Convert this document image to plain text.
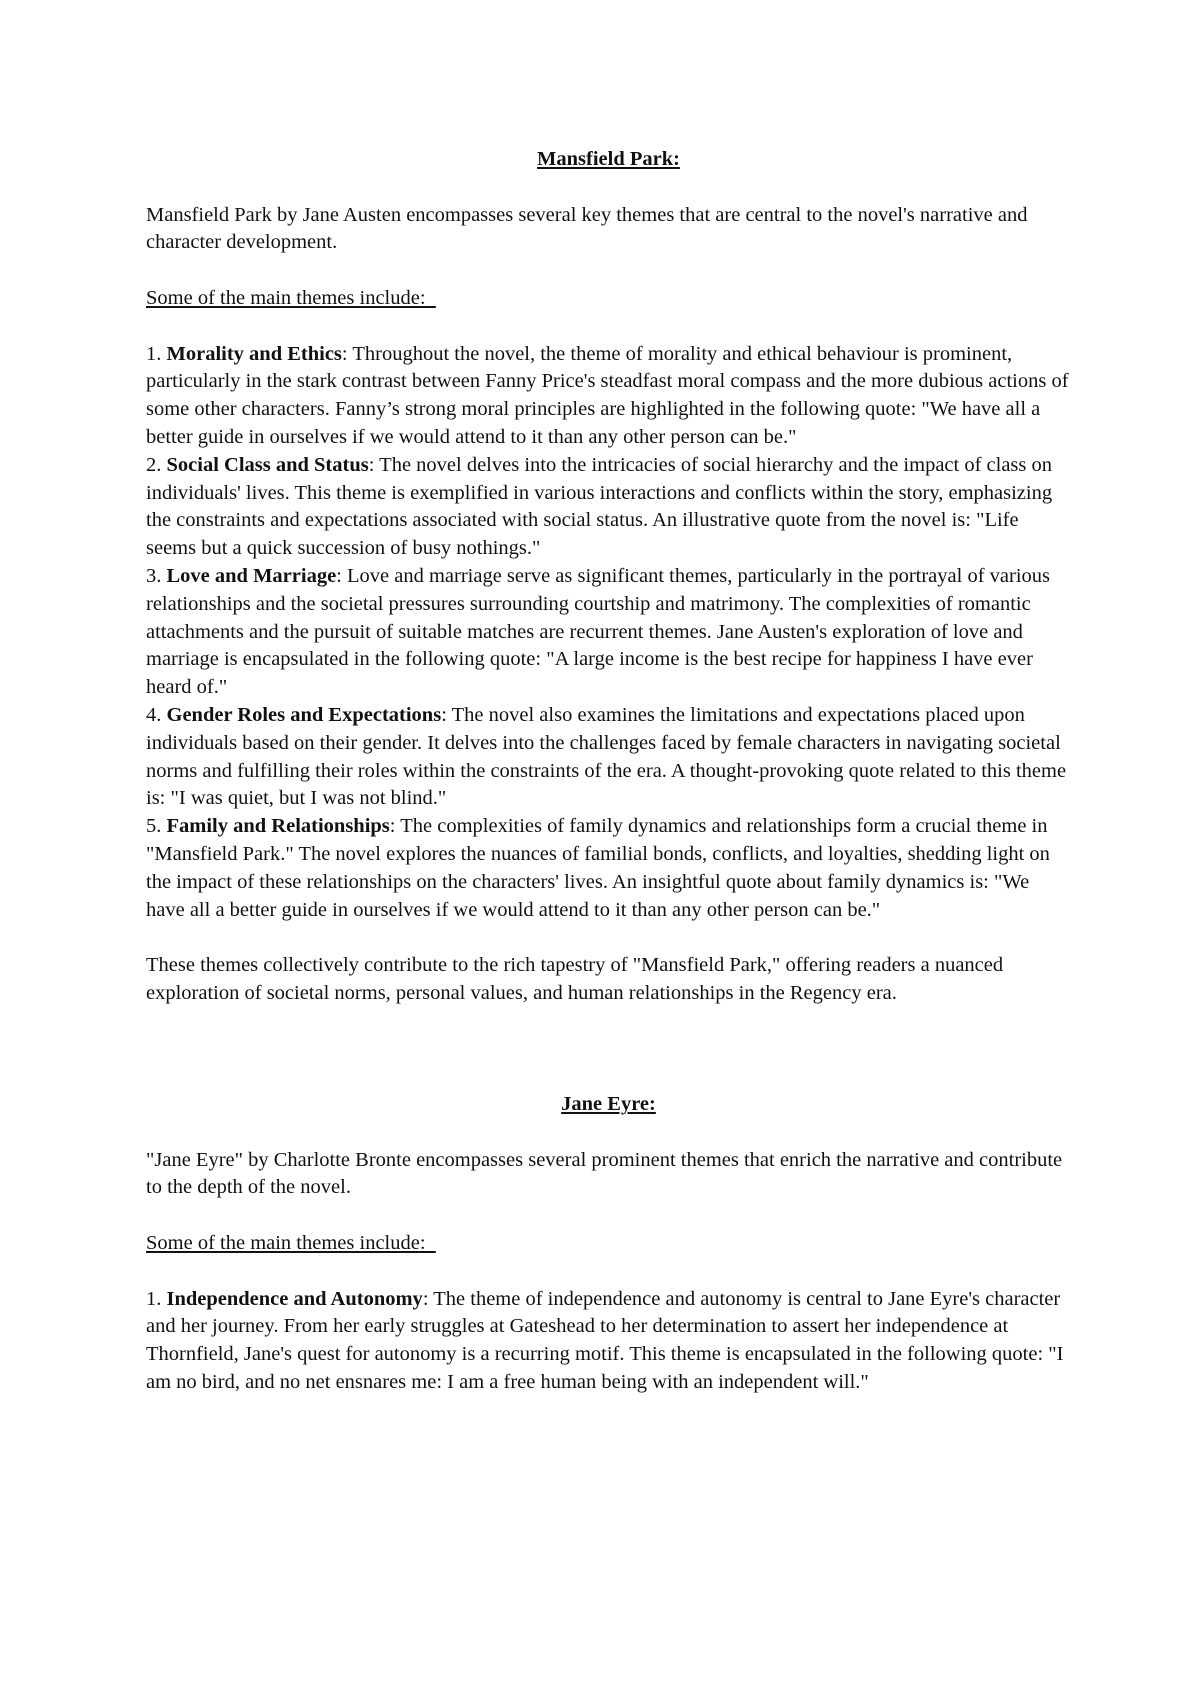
Mansfield Park:

Mansfield Park by Jane Austen encompasses several key themes that are central to the novel's narrative and character development.

Some of the main themes include:

1. Morality and Ethics: Throughout the novel, the theme of morality and ethical behaviour is prominent, particularly in the stark contrast between Fanny Price's steadfast moral compass and the more dubious actions of some other characters. Fanny’s strong moral principles are highlighted in the following quote: "We have all a better guide in ourselves if we would attend to it than any other person can be."

2. Social Class and Status: The novel delves into the intricacies of social hierarchy and the impact of class on individuals' lives. This theme is exemplified in various interactions and conflicts within the story, emphasizing the constraints and expectations associated with social status. An illustrative quote from the novel is: "Life seems but a quick succession of busy nothings."

3. Love and Marriage: Love and marriage serve as significant themes, particularly in the portrayal of various relationships and the societal pressures surrounding courtship and matrimony. The complexities of romantic attachments and the pursuit of suitable matches are recurrent themes. Jane Austen's exploration of love and marriage is encapsulated in the following quote: "A large income is the best recipe for happiness I have ever heard of."

4. Gender Roles and Expectations: The novel also examines the limitations and expectations placed upon individuals based on their gender. It delves into the challenges faced by female characters in navigating societal norms and fulfilling their roles within the constraints of the era. A thought-provoking quote related to this theme is: "I was quiet, but I was not blind."

5. Family and Relationships: The complexities of family dynamics and relationships form a crucial theme in "Mansfield Park." The novel explores the nuances of familial bonds, conflicts, and loyalties, shedding light on the impact of these relationships on the characters' lives. An insightful quote about family dynamics is: "We have all a better guide in ourselves if we would attend to it than any other person can be."

These themes collectively contribute to the rich tapestry of "Mansfield Park," offering readers a nuanced exploration of societal norms, personal values, and human relationships in the Regency era.

Jane Eyre:

"Jane Eyre" by Charlotte Bronte encompasses several prominent themes that enrich the narrative and contribute to the depth of the novel.

Some of the main themes include:

1. Independence and Autonomy: The theme of independence and autonomy is central to Jane Eyre's character and her journey. From her early struggles at Gateshead to her determination to assert her independence at Thornfield, Jane's quest for autonomy is a recurring motif. This theme is encapsulated in the following quote: "I am no bird, and no net ensnares me: I am a free human being with an independent will."
